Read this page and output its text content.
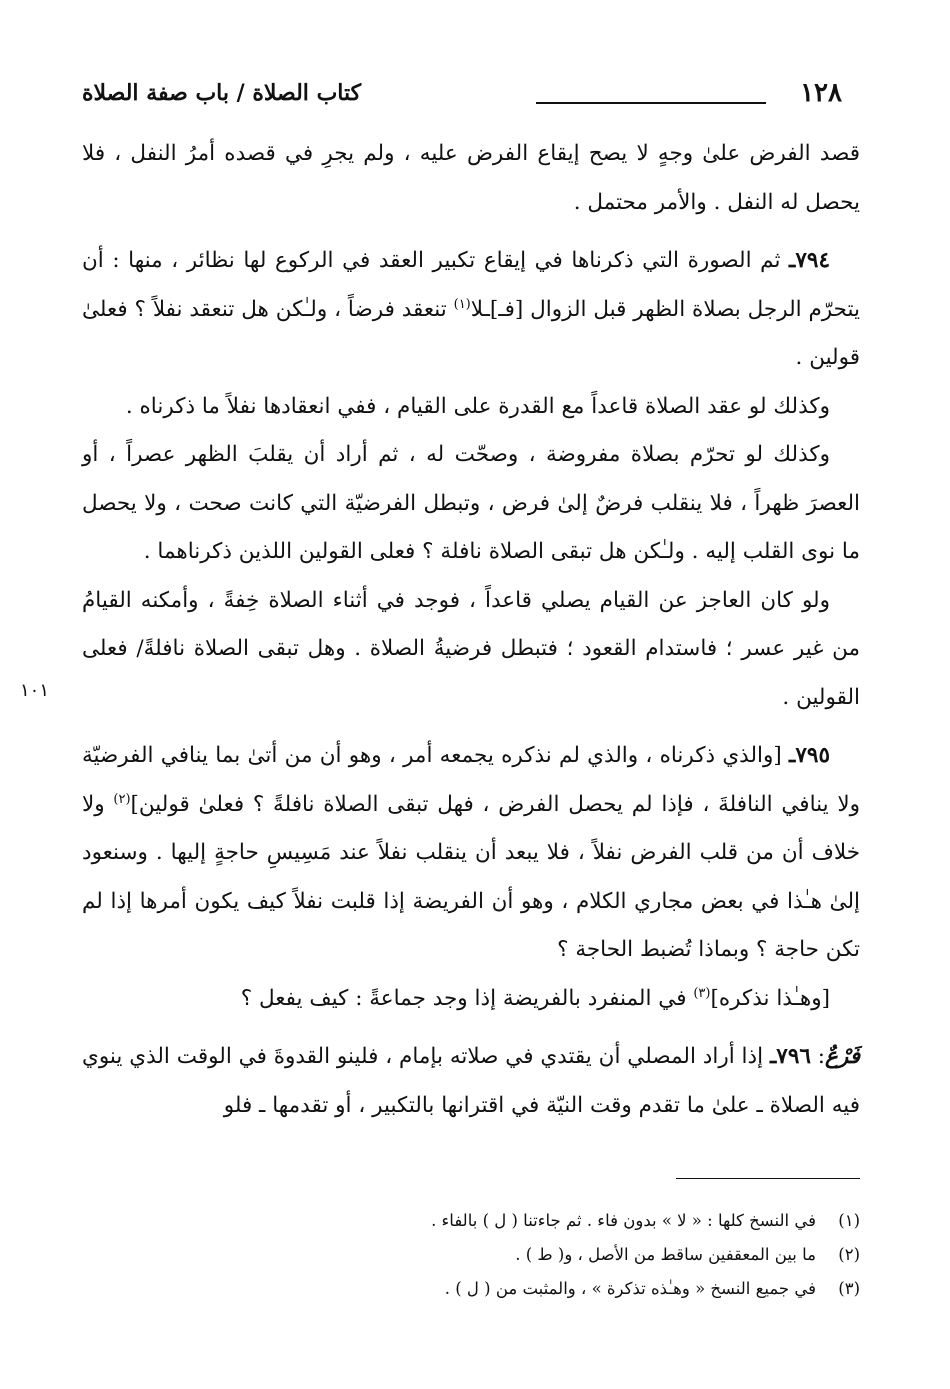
١٢٨
كتاب الصلاة / باب صفة الصلاة

قصد الفرض علىٰ وجهٍ لا يصح إيقاع الفرض عليه ، ولم يجرِ في قصده أمرُ النفل ، فلا يحصل له النفل . والأمر محتمل .

٧٩٤ـ ثم الصورة التي ذكرناها في إيقاع تكبير العقد في الركوع لها نظائر ، منها : أن يتحرّم الرجل بصلاة الظهر قبل الزوال [فـ]ـلا$^{(١)}$ تنعقد فرضاً ، ولـٰكن هل تنعقد نفلاً ؟ فعلىٰ قولين .

وكذلك لو عقد الصلاة قاعداً مع القدرة على القيام ، ففي انعقادها نفلاً ما ذكرناه .

وكذلك لو تحرّم بصلاة مفروضة ، وصحّت له ، ثم أراد أن يقلبَ الظهر عصراً ، أو العصرَ ظهراً ، فلا ينقلب فرضٌ إلىٰ فرض ، وتبطل الفرضيّة التي كانت صحت ، ولا يحصل ما نوى القلب إليه . ولـٰكن هل تبقى الصلاة نافلة ؟ فعلى القولين اللذين ذكرناهما .

ولو كان العاجز عن القيام يصلي قاعداً ، فوجد في أثناء الصلاة خِفةً ، وأمكنه القيامُ من غير عسر ؛ فاستدام القعود ؛ فتبطل فرضيةُ الصلاة . وهل تبقى الصلاة نافلةً/ فعلى القولين .

٧٩٥ـ [والذي ذكرناه ، والذي لم نذكره يجمعه أمر ، وهو أن من أتىٰ بما ينافي الفرضيّة ولا ينافي النافلةَ ، فإذا لم يحصل الفرض ، فهل تبقى الصلاة نافلةً ؟ فعلىٰ قولين]$^{(٢)}$ ولا خلاف أن من قلب الفرض نفلاً ، فلا يبعد أن ينقلب نفلاً عند مَسِيسِ حاجةٍ إليها . وسنعود إلىٰ هـٰذا في بعض مجاري الكلام ، وهو أن الفريضة إذا قلبت نفلاً كيف يكون أمرها إذا لم تكن حاجة ؟ وبماذا تُضبط الحاجة ؟

[وهـٰذا نذكره]$^{(٣)}$ في المنفرد بالفريضة إذا وجد جماعةً : كيف يفعل ؟

فَرْعٌ: ٧٩٦ـ إذا أراد المصلي أن يقتدي في صلاته بإمام ، فلينو القدوةَ في الوقت الذي ينوي فيه الصلاة ـ علىٰ ما تقدم وقت النيّة في اقترانها بالتكبير ، أو تقدمها ـ فلو

١٠١
(١)
في النسخ كلها : « لا » بدون فاء . ثم جاءتنا ( ل ) بالفاء .
(٢)
ما بين المعقفين ساقط من الأصل ، و( ط ) .
(٣)
في جميع النسخ « وهـٰذه تذكرة » ، والمثبت من ( ل ) .
